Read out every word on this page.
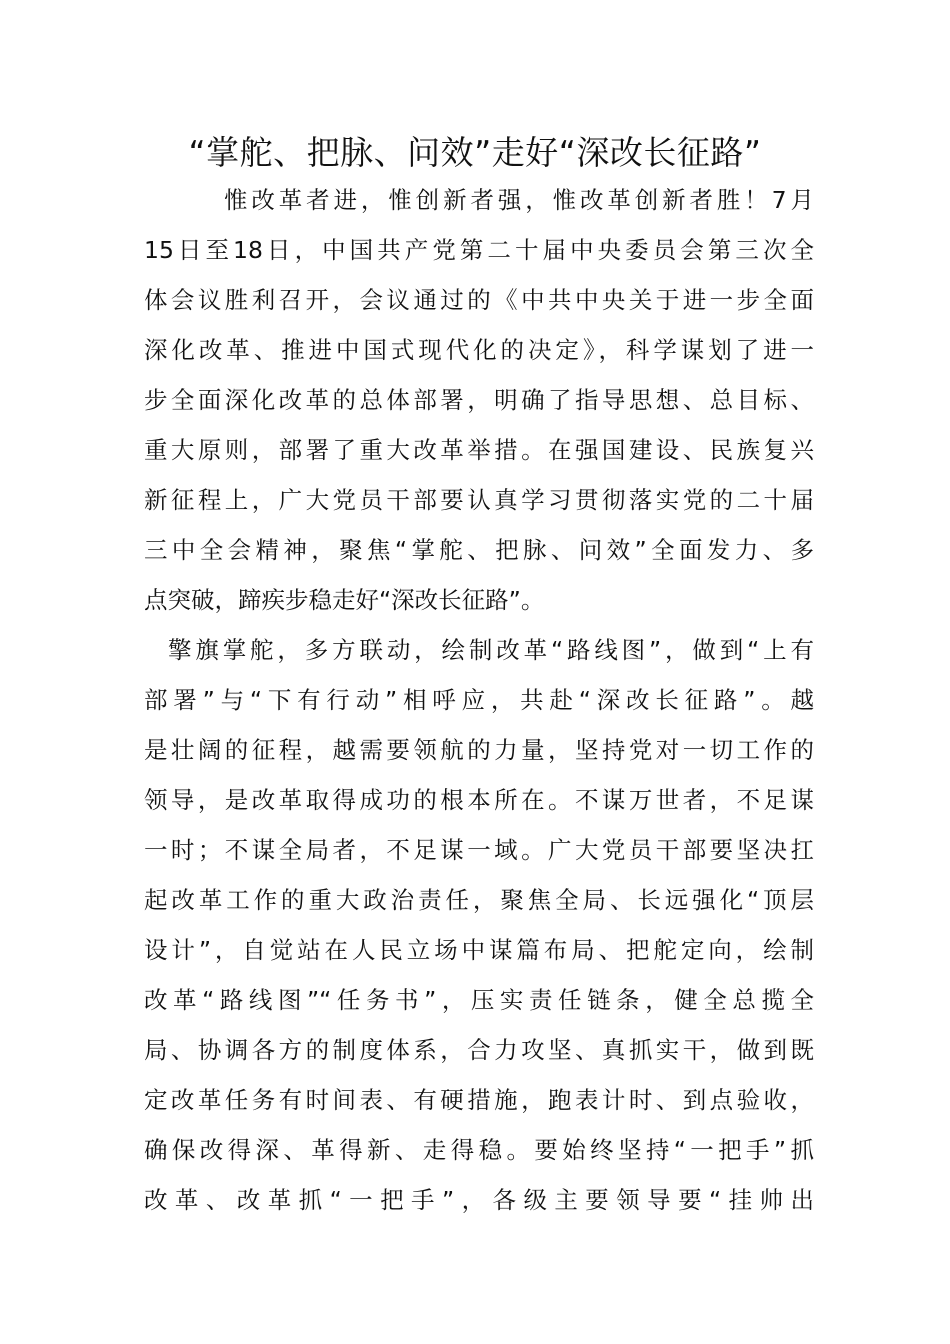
“掌舵、把脉、问效”走好“深改长征路”
惟改革者进，惟创新者强，惟改革创新者胜！7月
15日至18日，中国共产党第二十届中央委员会第三次全
体会议胜利召开，会议通过的《中共中央关于进一步全面
深化改革、推进中国式现代化的决定》，科学谋划了进一
步全面深化改革的总体部署，明确了指导思想、总目标、
重大原则，部署了重大改革举措。在强国建设、民族复兴
新征程上，广大党员干部要认真学习贯彻落实党的二十届
三中全会精神，聚焦“掌舵、把脉、问效”全面发力、多
点突破，蹄疾步稳走好“深改长征路”。
擎旗掌舵，多方联动，绘制改革“路线图”，做到“上有
部署”与“下有行动”相呼应，共赴“深改长征路”。越
是壮阔的征程，越需要领航的力量，坚持党对一切工作的
领导，是改革取得成功的根本所在。不谋万世者，不足谋
一时；不谋全局者，不足谋一域。广大党员干部要坚决扛
起改革工作的重大政治责任，聚焦全局、长远强化“顶层
设计”，自觉站在人民立场中谋篇布局、把舵定向，绘制
改革“路线图”“任务书”，压实责任链条，健全总揽全
局、协调各方的制度体系，合力攻坚、真抓实干，做到既
定改革任务有时间表、有硬措施，跑表计时、到点验收，
确保改得深、革得新、走得稳。要始终坚持“一把手”抓
改革、改革抓“一把手”，各级主要领导要“挂帅出
